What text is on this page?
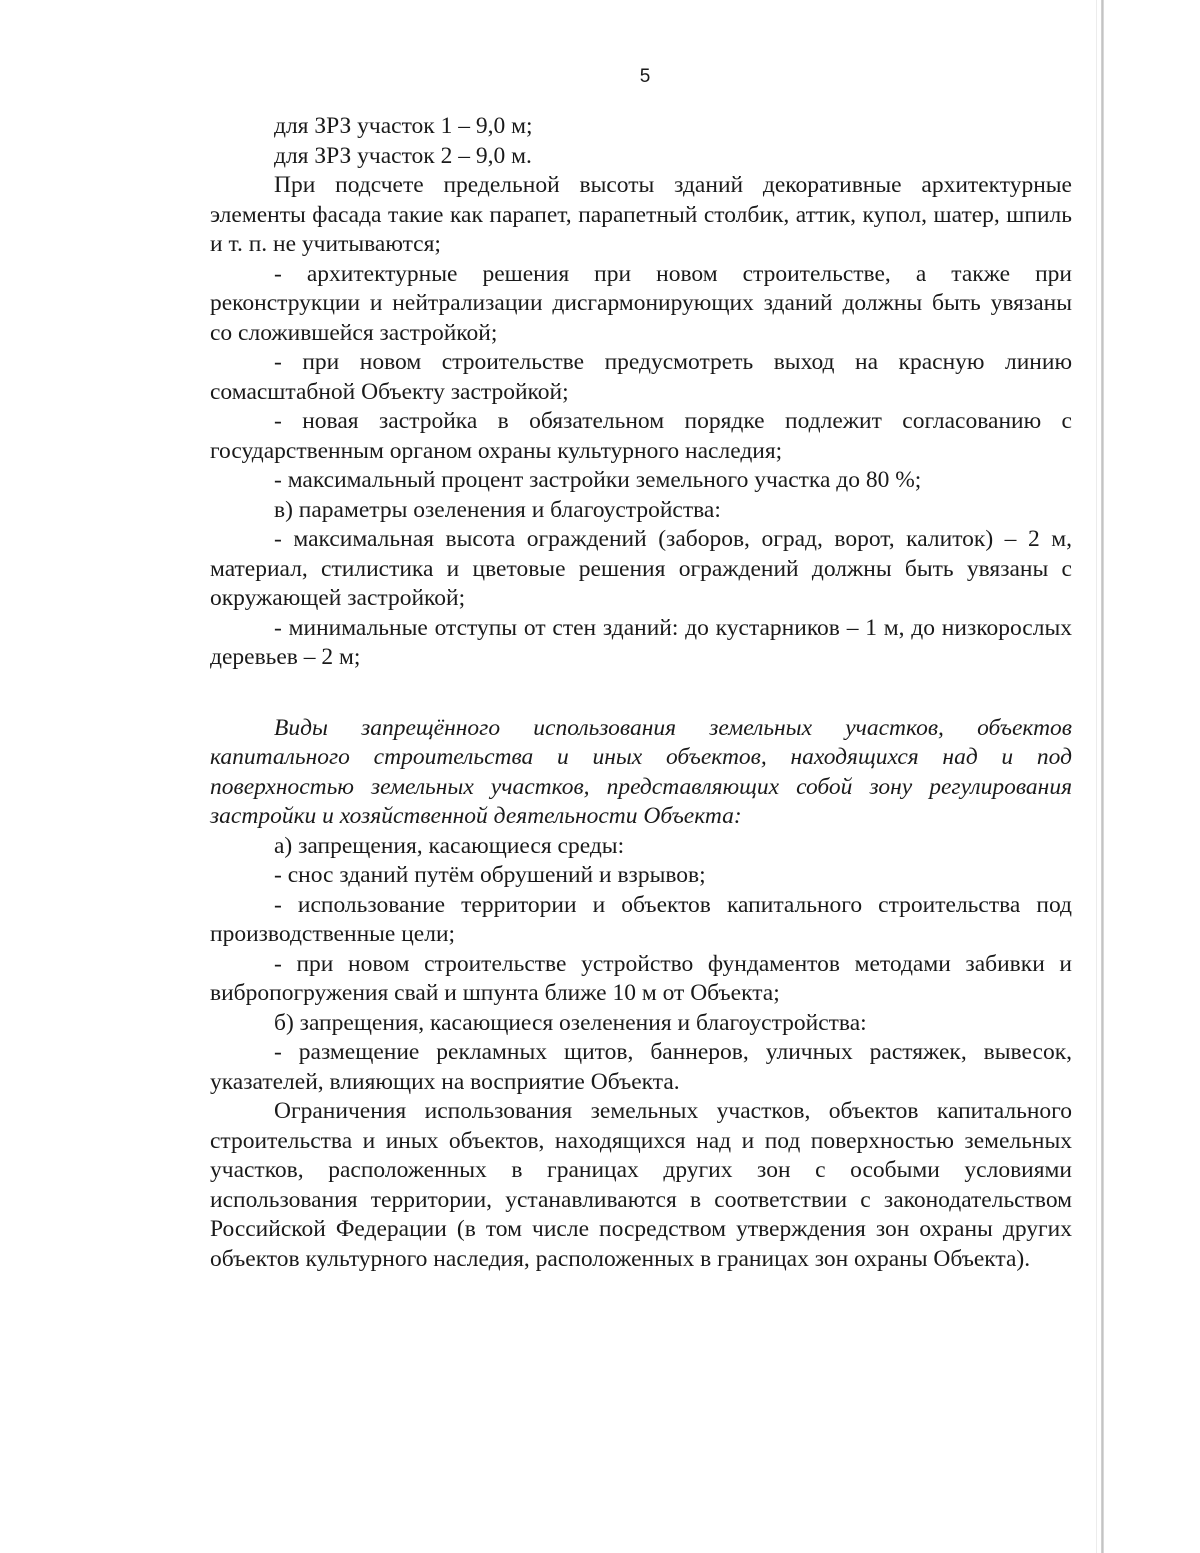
5

для ЗРЗ участок 1 – 9,0 м;

для ЗРЗ участок 2 – 9,0 м.

При подсчете предельной высоты зданий декоративные архитектурные элементы фасада такие как парапет, парапетный столбик, аттик, купол, шатер, шпиль и т. п. не учитываются;

- архитектурные решения при новом строительстве, а также при реконструкции и нейтрализации дисгармонирующих зданий должны быть увязаны со сложившейся застройкой;

- при новом строительстве предусмотреть выход на красную линию сомасштабной Объекту застройкой;

- новая застройка в обязательном порядке подлежит согласованию с государственным органом охраны культурного наследия;

- максимальный процент застройки земельного участка до 80 %;

в) параметры озеленения и благоустройства:

- максимальная высота ограждений (заборов, оград, ворот, калиток) – 2 м, материал, стилистика и цветовые решения ограждений должны быть увязаны с окружающей застройкой;

- минимальные отступы от стен зданий: до кустарников – 1 м, до низкорослых деревьев – 2 м;

Виды запрещённого использования земельных участков, объектов капитального строительства и иных объектов, находящихся над и под поверхностью земельных участков, представляющих собой зону регулирования застройки и хозяйственной деятельности Объекта:

а) запрещения, касающиеся среды:

- снос зданий путём обрушений и взрывов;

- использование территории и объектов капитального строительства под производственные цели;

- при новом строительстве устройство фундаментов методами забивки и вибропогружения свай и шпунта ближе 10 м от Объекта;

б) запрещения, касающиеся озеленения и благоустройства:

- размещение рекламных щитов, баннеров, уличных растяжек, вывесок, указателей, влияющих на восприятие Объекта.

Ограничения использования земельных участков, объектов капитального строительства и иных объектов, находящихся над и под поверхностью земельных участков, расположенных в границах других зон с особыми условиями использования территории, устанавливаются в соответствии с законодательством Российской Федерации (в том числе посредством утверждения зон охраны других объектов культурного наследия, расположенных в границах зон охраны Объекта).
